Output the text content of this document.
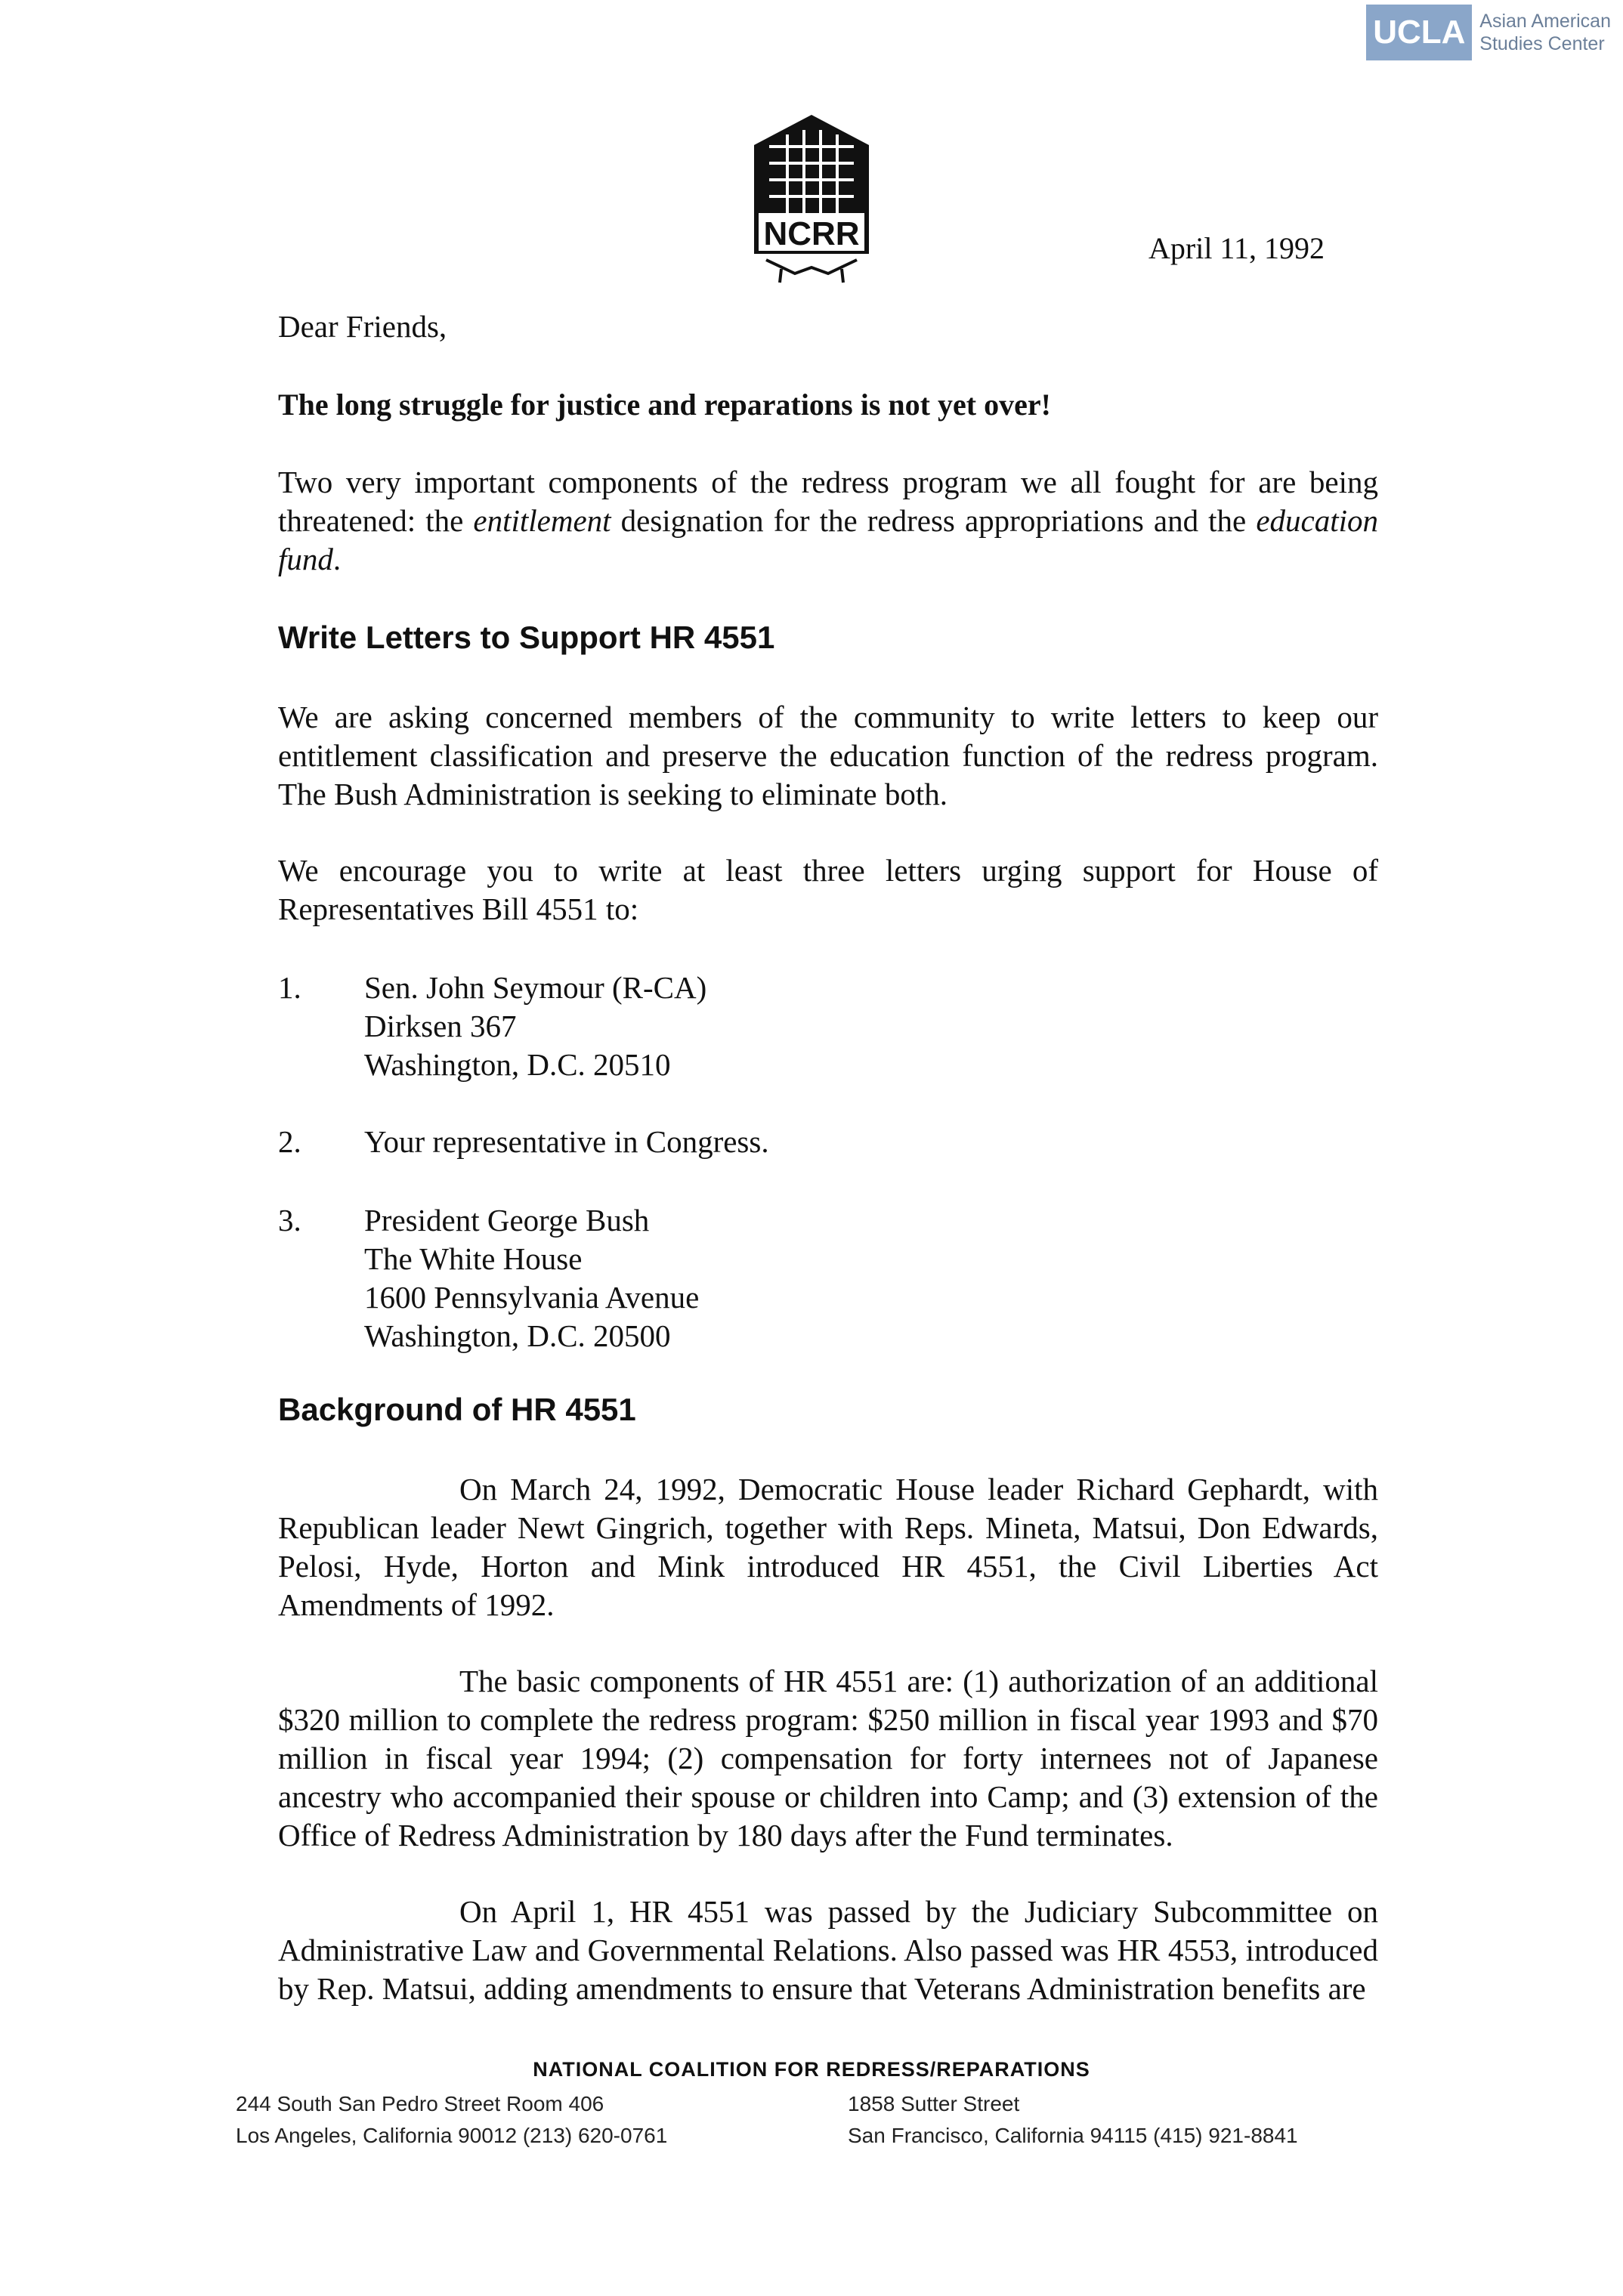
UCLA Asian American
Studies Center
NCRR	April 11, 1992
Dear Friends,
The long struggle for justice and reparations is not yet over!
Two very important components of the redress program we all fought for are being threatened: the entitlement designation for the redress appropriations and the education fund.
Write Letters to Support HR 4551
We are asking concerned members of the community to write letters to keep our entitlement classification and preserve the education function of the redress program. The Bush Administration is seeking to eliminate both.
We encourage you to write at least three letters urging support for House of Representatives Bill 4551 to:
1. Sen. John Seymour (R-CA)
Dirksen 367
Washington, D.C. 20510
2. Your representative in Congress.
3. President George Bush
The White House
1600 Pennsylvania Avenue
Washington, D.C. 20500
Background of HR 4551
On March 24, 1992, Democratic House leader Richard Gephardt, with Republican leader Newt Gingrich, together with Reps. Mineta, Matsui, Don Edwards, Pelosi, Hyde, Horton and Mink introduced HR 4551, the Civil Liberties Act Amendments of 1992.
The basic components of HR 4551 are: (1) authorization of an additional $320 million to complete the redress program: $250 million in fiscal year 1993 and $70 million in fiscal year 1994; (2) compensation for forty internees not of Japanese ancestry who accompanied their spouse or children into Camp; and (3) extension of the Office of Redress Administration by 180 days after the Fund terminates.
On April 1, HR 4551 was passed by the Judiciary Subcommittee on Administrative Law and Governmental Relations. Also passed was HR 4553, introduced by Rep. Matsui, adding amendments to ensure that Veterans Administration benefits are
NATIONAL COALITION FOR REDRESS/REPARATIONS
244 South San Pedro Street Room 406
Los Angeles, California 90012 (213) 620-0761
1858 Sutter Street
San Francisco, California 94115 (415) 921-8841
